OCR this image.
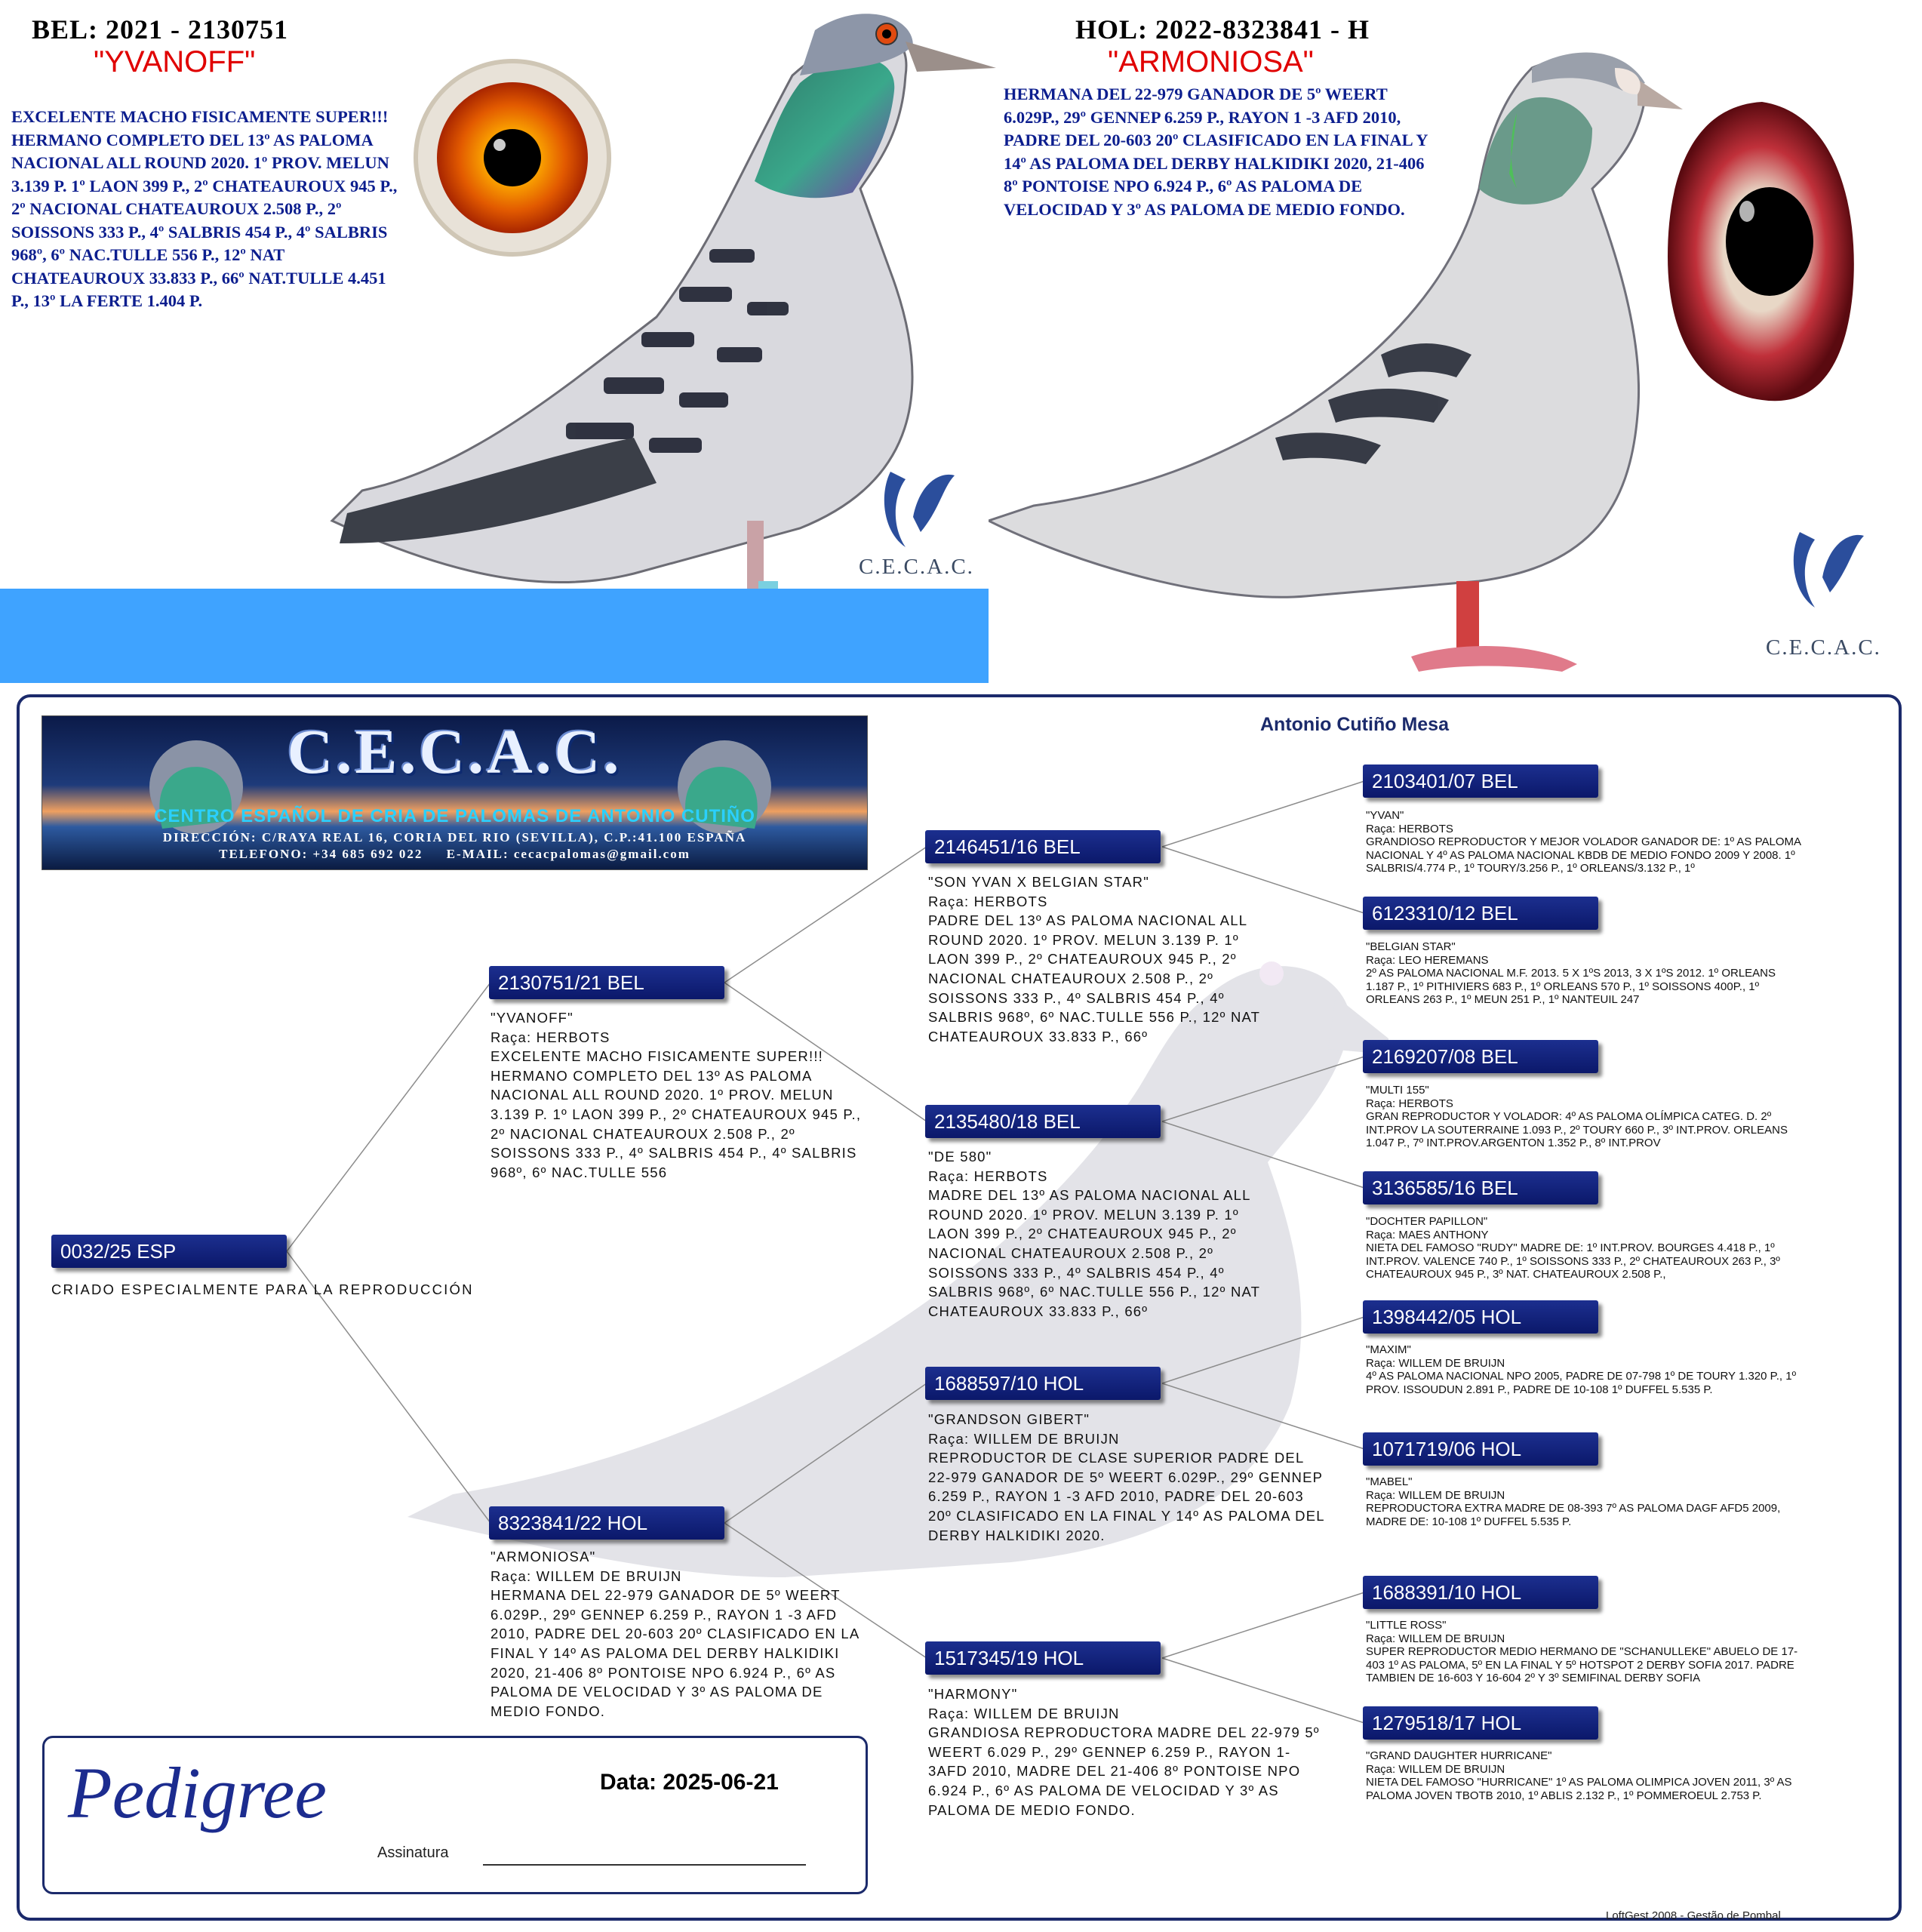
BEL: 2021 - 2130751
"YVANOFF"
EXCELENTE MACHO FISICAMENTE SUPER!!! HERMANO COMPLETO DEL 13º AS PALOMA NACIONAL ALL ROUND 2020. 1º PROV. MELUN 3.139 P. 1º LAON 399 P., 2º CHATEAUROUX 945 P., 2º NACIONAL CHATEAUROUX 2.508 P., 2º SOISSONS 333 P., 4º SALBRIS 454 P., 4º SALBRIS 968º, 6º NAC.TULLE 556 P., 12º NAT CHATEAUROUX 33.833 P., 66º NAT.TULLE 4.451 P., 13º LA FERTE 1.404 P.
C.E.C.A.C.
HOL: 2022-8323841 - H
"ARMONIOSA"
HERMANA DEL 22-979 GANADOR DE 5º WEERT 6.029P., 29º GENNEP 6.259 P., RAYON 1 -3 AFD 2010, PADRE DEL 20-603 20º CLASIFICADO EN LA FINAL Y 14º AS PALOMA DEL DERBY HALKIDIKI 2020, 21-406 8º PONTOISE NPO 6.924 P., 6º AS PALOMA DE VELOCIDAD Y 3º AS PALOMA DE MEDIO FONDO.
C.E.C.A.C.
C.E.C.A.C.
CENTRO ESPAÑOL DE CRIA DE PALOMAS DE ANTONIO CUTIÑO
DIRECCIÓN: C/RAYA REAL 16, CORIA DEL RIO (SEVILLA), C.P.:41.100 ESPAÑA
TELEFONO: +34 685 692 022     E-MAIL: cecacpalomas@gmail.com
Antonio Cutiño Mesa
0032/25 ESP
CRIADO ESPECIALMENTE PARA LA REPRODUCCIÓN
2130751/21 BEL
"YVANOFF"
Raça: HERBOTS
EXCELENTE MACHO FISICAMENTE SUPER!!! HERMANO COMPLETO DEL 13º AS PALOMA NACIONAL ALL ROUND 2020. 1º PROV. MELUN 3.139 P. 1º LAON 399 P., 2º CHATEAUROUX 945 P., 2º NACIONAL CHATEAUROUX 2.508 P., 2º SOISSONS 333 P., 4º SALBRIS 454 P., 4º SALBRIS 968º, 6º NAC.TULLE 556
8323841/22 HOL
"ARMONIOSA"
Raça: WILLEM DE BRUIJN
HERMANA DEL 22-979 GANADOR DE 5º WEERT 6.029P., 29º GENNEP 6.259 P., RAYON 1 -3 AFD 2010, PADRE DEL 20-603 20º CLASIFICADO EN LA FINAL Y 14º AS PALOMA DEL DERBY HALKIDIKI 2020, 21-406 8º PONTOISE NPO 6.924 P., 6º AS PALOMA DE VELOCIDAD Y 3º AS PALOMA DE MEDIO FONDO.
2146451/16 BEL
"SON YVAN X BELGIAN STAR"
Raça: HERBOTS
PADRE DEL 13º AS PALOMA NACIONAL ALL ROUND 2020. 1º PROV. MELUN 3.139 P. 1º LAON 399 P., 2º CHATEAUROUX 945 P., 2º NACIONAL CHATEAUROUX 2.508 P., 2º SOISSONS 333 P., 4º SALBRIS 454 P., 4º SALBRIS 968º, 6º NAC.TULLE 556 P., 12º NAT CHATEAUROUX 33.833 P., 66º
2135480/18 BEL
"DE 580"
Raça: HERBOTS
MADRE DEL 13º AS PALOMA NACIONAL ALL ROUND 2020. 1º PROV. MELUN 3.139 P. 1º LAON 399 P., 2º CHATEAUROUX 945 P., 2º NACIONAL CHATEAUROUX 2.508 P., 2º SOISSONS 333 P., 4º SALBRIS 454 P., 4º SALBRIS 968º, 6º NAC.TULLE 556 P., 12º NAT CHATEAUROUX 33.833 P., 66º
1688597/10 HOL
"GRANDSON GIBERT"
Raça: WILLEM DE BRUIJN
REPRODUCTOR DE CLASE SUPERIOR PADRE DEL 22-979 GANADOR DE 5º WEERT 6.029P., 29º GENNEP 6.259 P., RAYON 1 -3 AFD 2010, PADRE DEL 20-603 20º CLASIFICADO EN LA FINAL Y 14º AS PALOMA DEL DERBY HALKIDIKI 2020.
1517345/19 HOL
"HARMONY"
Raça: WILLEM DE BRUIJN
GRANDIOSA REPRODUCTORA MADRE DEL 22-979 5º WEERT 6.029 P., 29º GENNEP 6.259 P., RAYON 1-3AFD 2010, MADRE DEL 21-406 8º PONTOISE NPO 6.924 P., 6º AS PALOMA DE VELOCIDAD Y 3º AS PALOMA DE MEDIO FONDO.
2103401/07 BEL
"YVAN"
Raça: HERBOTS
GRANDIOSO REPRODUCTOR Y MEJOR VOLADOR GANADOR DE: 1º AS PALOMA NACIONAL Y 4º AS PALOMA NACIONAL KBDB DE MEDIO FONDO 2009 Y 2008. 1º SALBRIS/4.774 P., 1º TOURY/3.256 P., 1º ORLEANS/3.132 P., 1º
6123310/12 BEL
"BELGIAN STAR"
Raça: LEO HEREMANS
2º AS PALOMA NACIONAL M.F. 2013. 5 X 1ºS 2013, 3 X 1ºS 2012. 1º ORLEANS 1.187 P., 1º PITHIVIERS 683 P., 1º ORLEANS 570 P., 1º SOISSONS 400P., 1º ORLEANS 263 P., 1º MEUN 251 P., 1º NANTEUIL 247
2169207/08 BEL
"MULTI 155"
Raça: HERBOTS
GRAN REPRODUCTOR Y VOLADOR: 4º AS PALOMA OLÍMPICA CATEG. D. 2º INT.PROV LA SOUTERRAINE 1.093 P., 2º TOURY 660 P., 3º INT.PROV. ORLEANS 1.047 P., 7º INT.PROV.ARGENTON 1.352 P., 8º INT.PROV
3136585/16 BEL
"DOCHTER PAPILLON"
Raça: MAES ANTHONY
NIETA DEL FAMOSO "RUDY" MADRE DE: 1º INT.PROV. BOURGES 4.418 P., 1º INT.PROV. VALENCE 740 P., 1º SOISSONS 333 P., 2º CHATEAUROUX 263 P., 3º CHATEAUROUX 945 P., 3º NAT. CHATEAUROUX 2.508 P.,
1398442/05 HOL
"MAXIM"
Raça: WILLEM DE BRUIJN
4º AS PALOMA NACIONAL NPO 2005, PADRE DE 07-798 1º DE TOURY 1.320 P., 1º PROV. ISSOUDUN 2.891 P., PADRE DE 10-108 1º DUFFEL 5.535 P.
1071719/06 HOL
"MABEL"
Raça: WILLEM DE BRUIJN
REPRODUCTORA EXTRA MADRE DE 08-393 7º AS PALOMA DAGF AFD5 2009, MADRE DE: 10-108 1º DUFFEL 5.535 P.
1688391/10 HOL
"LITTLE ROSS"
Raça: WILLEM DE BRUIJN
SUPER REPRODUCTOR MEDIO HERMANO DE "SCHANULLEKE" ABUELO DE 17-403 1º AS PALOMA, 5º EN LA FINAL Y 5º HOTSPOT 2 DERBY SOFIA 2017. PADRE TAMBIEN DE 16-603 Y 16-604 2º Y 3º SEMIFINAL DERBY SOFIA
1279518/17 HOL
"GRAND DAUGHTER HURRICANE"
Raça: WILLEM DE BRUIJN
NIETA DEL FAMOSO "HURRICANE" 1º AS PALOMA OLIMPICA JOVEN 2011, 3º AS PALOMA JOVEN TBOTB 2010, 1º ABLIS 2.132 P., 1º POMMEROEUL 2.753 P.
Pedigree	Data: 2025-06-21
Assinatura
LoftGest 2008 - Gestão de Pombal
